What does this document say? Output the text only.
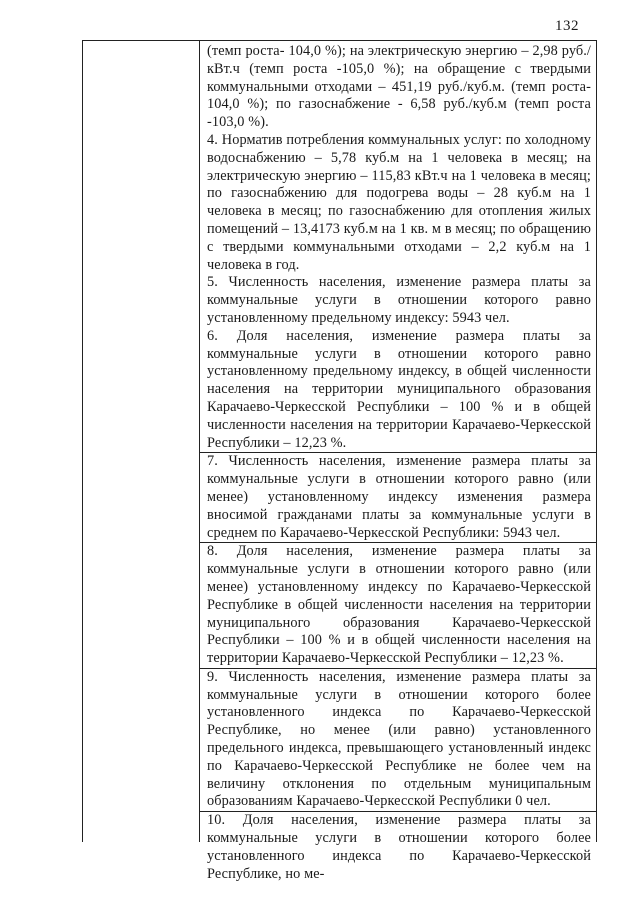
132

(темп роста- 104,0 %); на электрическую энергию – 2,98 руб./кВт.ч (темп роста -105,0 %); на обращение с твердыми коммунальными отходами – 451,19 руб./куб.м. (темп роста- 104,0 %); по газоснабжение - 6,58 руб./куб.м (темп роста -103,0 %).

4. Норматив потребления коммунальных услуг: по холодному водоснабжению – 5,78 куб.м на 1 человека в месяц; на электрическую энергию – 115,83 кВт.ч на 1 человека в месяц; по газоснабжению для подогрева воды – 28 куб.м на 1 человека в месяц; по газоснабжению для отопления жилых помещений – 13,4173 куб.м на 1 кв. м в месяц; по обращению с твердыми коммунальными отходами – 2,2 куб.м на 1 человека в год.

5. Численность населения, изменение размера платы за коммунальные услуги в отношении которого равно установленному предельному индексу: 5943 чел.

6. Доля населения, изменение размера платы за коммунальные услуги в отношении которого равно установленному предельному индексу, в общей численности населения на территории муниципального образования Карачаево-Черкесской Республики – 100 % и в общей численности населения на территории Карачаево-Черкесской Республики – 12,23 %.

7. Численность населения, изменение размера платы за коммунальные услуги в отношении которого равно (или менее) установленному индексу изменения размера вносимой гражданами платы за коммунальные услуги в среднем по Карачаево-Черкесской Республики: 5943 чел.

8. Доля населения, изменение размера платы за коммунальные услуги в отношении которого равно (или менее) установленному индексу по Карачаево-Черкесской Республике в общей численности населения на территории муниципального образования Карачаево-Черкесской Республики – 100 % и в общей численности населения на территории Карачаево-Черкесской Республики – 12,23 %.

9. Численность населения, изменение размера платы за коммунальные услуги в отношении которого более установленного индекса по Карачаево-Черкесской Республике, но менее (или равно) установленного предельного индекса, превышающего установленный индекс по Карачаево-Черкесской Республике не более чем на величину отклонения по отдельным муниципальным образованиям Карачаево-Черкесской Республики 0 чел.

10. Доля населения, изменение размера платы за коммунальные услуги в отношении которого более установленного индекса по Карачаево-Черкесской Республике, но ме-
